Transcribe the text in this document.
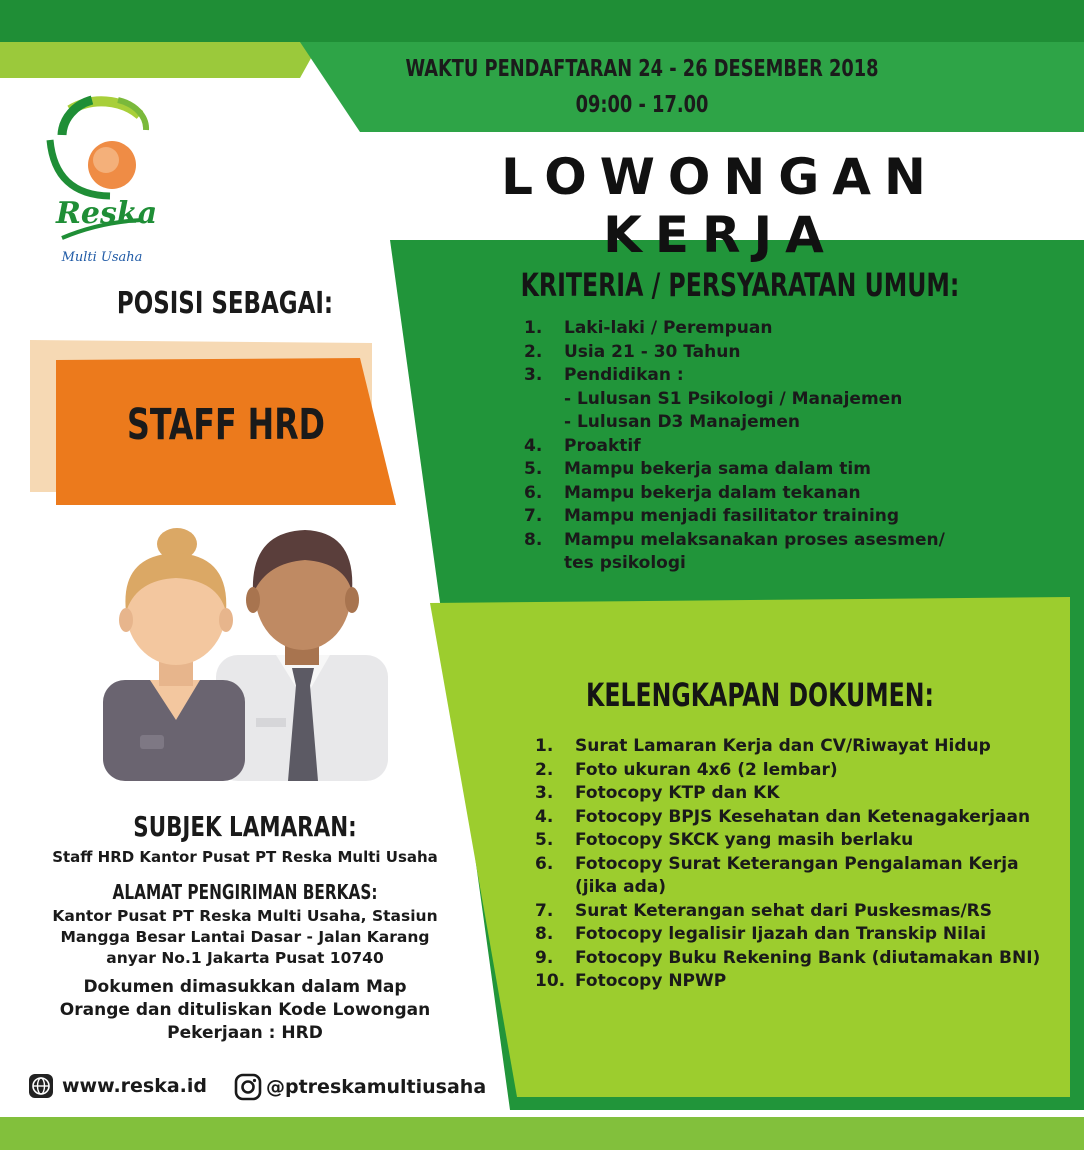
Reska
Multi Usaha
WAKTU PENDAFTARAN 24 - 26 DESEMBER 2018
09:00 - 17.00
LOWONGAN KERJA
POSISI SEBAGAI:
STAFF HRD
KRITERIA / PERSYARATAN UMUM:
1.	Laki-laki / Perempuan
2.	Usia 21 - 30 Tahun
3.	Pendidikan :
- Lulusan S1 Psikologi / Manajemen
- Lulusan D3 Manajemen
4.	Proaktif
5.	Mampu bekerja sama dalam tim
6.	Mampu bekerja dalam tekanan
7.	Mampu menjadi fasilitator training
8.	Mampu melaksanakan proses asesmen/
tes psikologi
KELENGKAPAN DOKUMEN:
1.	Surat Lamaran Kerja dan CV/Riwayat Hidup
2.	Foto ukuran 4x6 (2 lembar)
3.	Fotocopy KTP dan KK
4.	Fotocopy BPJS Kesehatan dan Ketenagakerjaan
5.	Fotocopy SKCK yang masih berlaku
6.	Fotocopy Surat Keterangan Pengalaman Kerja
(jika ada)
7.	Surat Keterangan sehat dari Puskesmas/RS
8.	Fotocopy legalisir Ijazah dan Transkip Nilai
9.	Fotocopy Buku Rekening Bank (diutamakan BNI)
10. Fotocopy NPWP
SUBJEK LAMARAN:
Staff HRD Kantor Pusat PT Reska Multi Usaha
ALAMAT PENGIRIMAN BERKAS:
Kantor Pusat PT Reska Multi Usaha, Stasiun
Mangga Besar Lantai Dasar - Jalan Karang
anyar No.1 Jakarta Pusat 10740
Dokumen dimasukkan dalam Map
Orange dan dituliskan Kode Lowongan
Pekerjaan : HRD
www.reska.id	@ptreskamultiusaha
